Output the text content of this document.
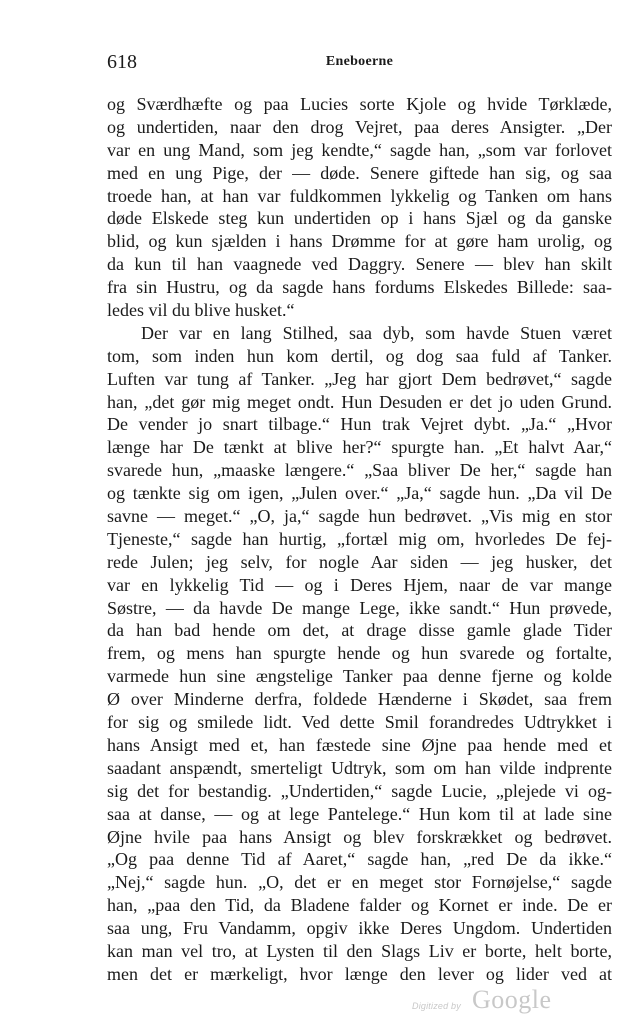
618	Eneboerne
og Sværdhæfte og paa Lucies sorte Kjole og hvide Tørklæde,
og undertiden, naar den drog Vejret, paa deres Ansigter. „Der
var en ung Mand, som jeg kendte,“ sagde han, „som var forlovet
med en ung Pige, der — døde. Senere giftede han sig, og saa
troede han, at han var fuldkommen lykkelig og Tanken om hans
døde Elskede steg kun undertiden op i hans Sjæl og da ganske
blid, og kun sjælden i hans Drømme for at gøre ham urolig, og
da kun til han vaagnede ved Daggry. Senere — blev han skilt
fra sin Hustru, og da sagde hans fordums Elskedes Billede: saa-
ledes vil du blive husket.“
Der var en lang Stilhed, saa dyb, som havde Stuen været
tom, som inden hun kom dertil, og dog saa fuld af Tanker.
Luften var tung af Tanker. „Jeg har gjort Dem bedrøvet,“ sagde
han, „det gør mig meget ondt. Hun Desuden er det jo uden Grund.
De vender jo snart tilbage.“ Hun trak Vejret dybt. „Ja.“ „Hvor
længe har De tænkt at blive her?“ spurgte han. „Et halvt Aar,“
svarede hun, „maaske længere.“ „Saa bliver De her,“ sagde han
og tænkte sig om igen, „Julen over.“ „Ja,“ sagde hun. „Da vil De
savne — meget.“ „O, ja,“ sagde hun bedrøvet. „Vis mig en stor
Tjeneste,“ sagde han hurtig, „fortæl mig om, hvorledes De fej-
rede Julen; jeg selv, for nogle Aar siden — jeg husker, det
var en lykkelig Tid — og i Deres Hjem, naar de var mange
Søstre, — da havde De mange Lege, ikke sandt.“ Hun prøvede,
da han bad hende om det, at drage disse gamle glade Tider
frem, og mens han spurgte hende og hun svarede og fortalte,
varmede hun sine ængstelige Tanker paa denne fjerne og kolde
Ø over Minderne derfra, foldede Hænderne i Skødet, saa frem
for sig og smilede lidt. Ved dette Smil forandredes Udtrykket i
hans Ansigt med et, han fæstede sine Øjne paa hende med et
saadant anspændt, smerteligt Udtryk, som om han vilde indprente
sig det for bestandig. „Undertiden,“ sagde Lucie, „plejede vi og-
saa at danse, — og at lege Pantelege.“ Hun kom til at lade sine
Øjne hvile paa hans Ansigt og blev forskrækket og bedrøvet.
„Og paa denne Tid af Aaret,“ sagde han, „red De da ikke.“
„Nej,“ sagde hun. „O, det er en meget stor Fornøjelse,“ sagde
han, „paa den Tid, da Bladene falder og Kornet er inde. De er
saa ung, Fru Vandamm, opgiv ikke Deres Ungdom. Undertiden
kan man vel tro, at Lysten til den Slags Liv er borte, helt borte,
men det er mærkeligt, hvor længe den lever og lider ved at
Digitized by Google
